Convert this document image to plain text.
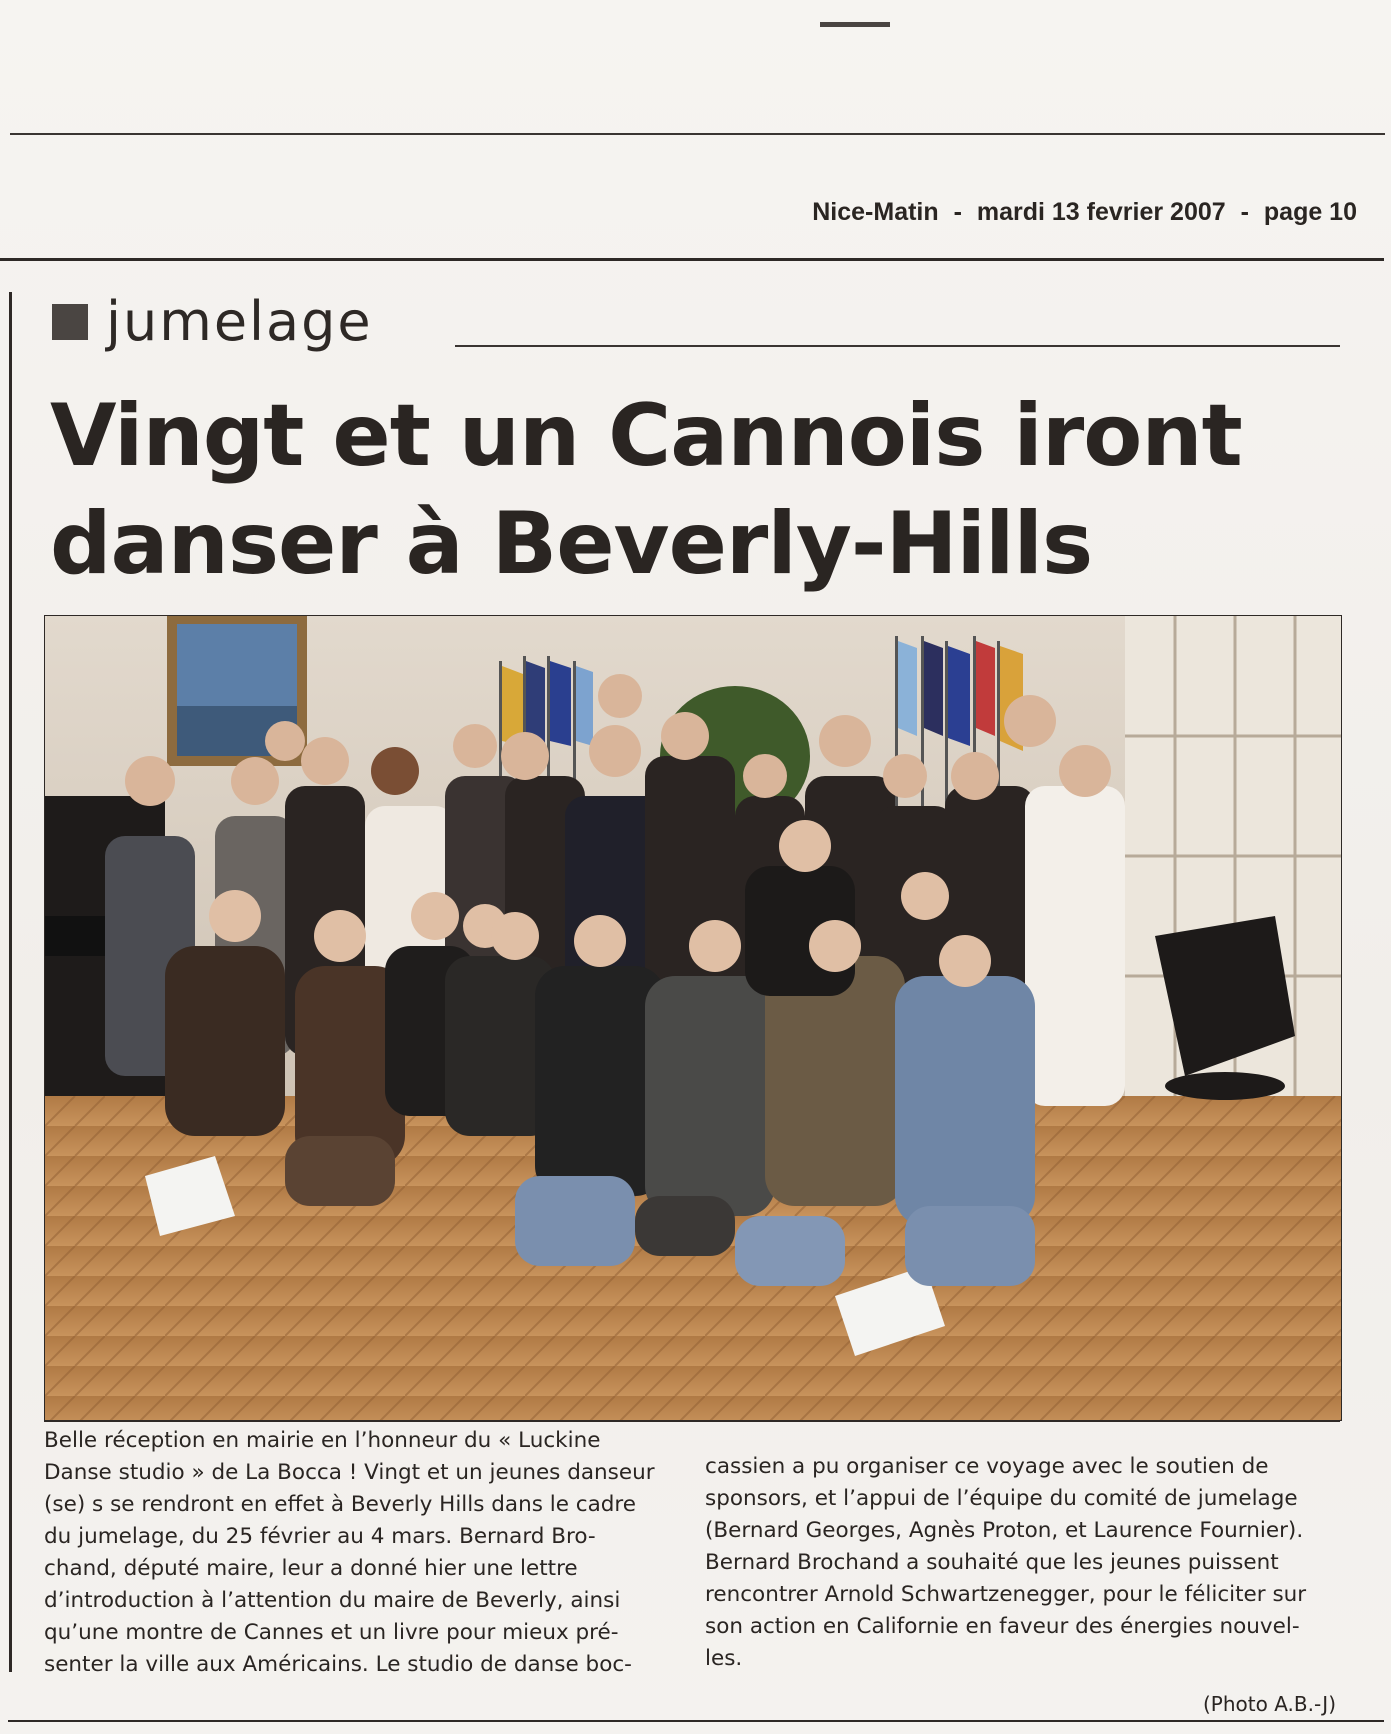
Nice-Matin - mardi 13 fevrier 2007 - page 10
jumelage
Vingt et un Cannois iront
danser à Beverly-Hills
Belle réception en mairie en l’honneur du « Luckine
Danse studio » de La Bocca ! Vingt et un jeunes danseur
(se) s se rendront en effet à Beverly Hills dans le cadre
du jumelage, du 25 février au 4 mars. Bernard Bro-
chand, député maire, leur a donné hier une lettre
d’introduction à l’attention du maire de Beverly, ainsi
qu’une montre de Cannes et un livre pour mieux pré-
senter la ville aux Américains. Le studio de danse boc-
cassien a pu organiser ce voyage avec le soutien de
sponsors, et l’appui de l’équipe du comité de jumelage
(Bernard Georges, Agnès Proton, et Laurence Fournier).
Bernard Brochand a souhaité que les jeunes puissent
rencontrer Arnold Schwartzenegger, pour le féliciter sur
son action en Californie en faveur des énergies nouvel-
les.
(Photo A.B.-J)
